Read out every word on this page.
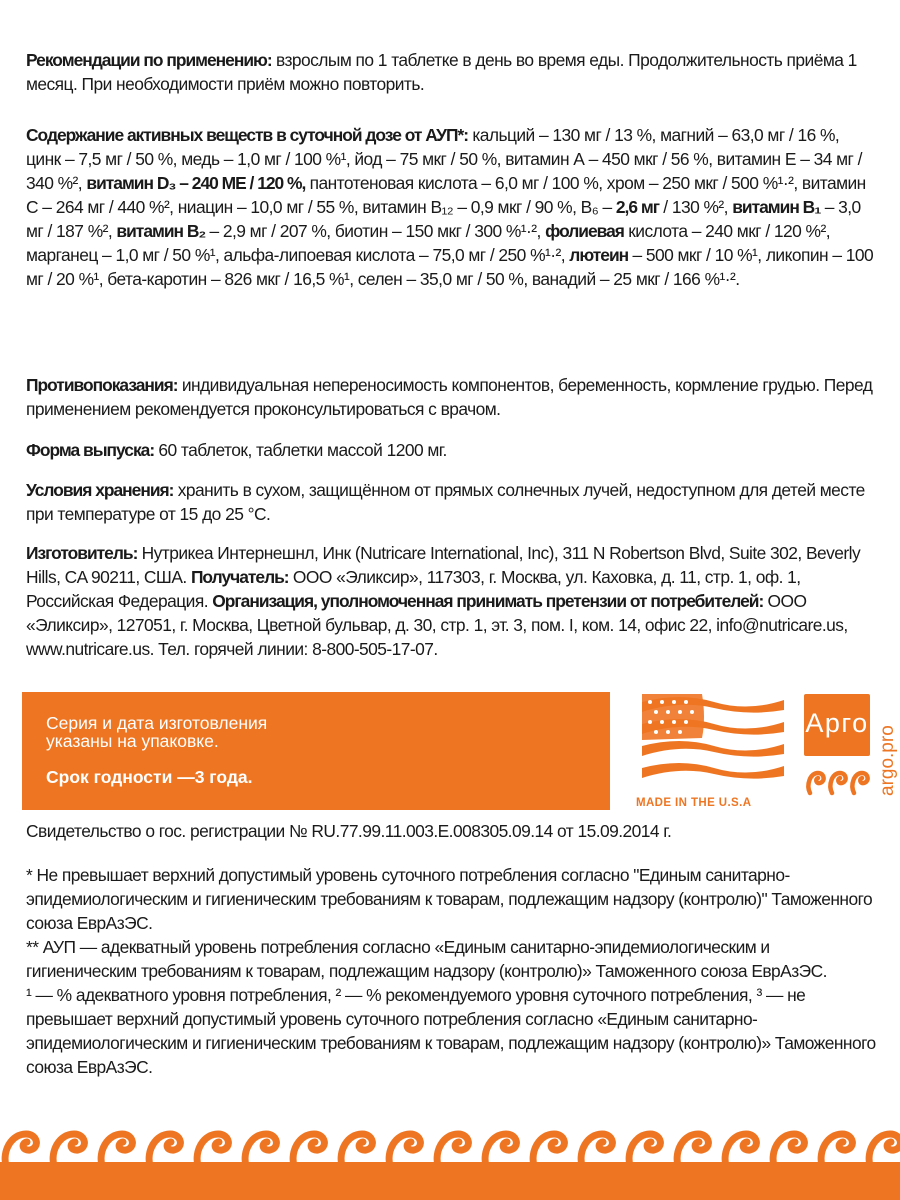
Рекомендации по применению: взрослым по 1 таблетке в день во время еды. Продолжительность приёма 1 месяц. При необходимости приём можно повторить.

Содержание активных веществ в суточной дозе от АУП*: кальций – 130 мг / 13 %, магний – 63,0 мг / 16 %, цинк – 7,5 мг / 50 %, медь – 1,0 мг / 100 %¹, йод – 75 мкг / 50 %, витамин А – 450 мкг / 56 %, витамин Е – 34 мг / 340 %², витамин D₃ – 240 МЕ / 120 %, пантотеновая кислота – 6,0 мг / 100 %, хром – 250 мкг / 500 %¹·², витамин С – 264 мг / 440 %², ниацин – 10,0 мг / 55 %, витамин В₁₂ – 0,9 мкг / 90 %, В₆ – 2,6 мг / 130 %², витамин В₁ – 3,0 мг / 187 %², витамин В₂ – 2,9 мг / 207 %, биотин – 150 мкг / 300 %¹·², фолиевая кислота – 240 мкг / 120 %², марганец – 1,0 мг / 50 %¹, альфа-липоевая кислота – 75,0 мг / 250 %¹·², лютеин – 500 мкг / 10 %¹, ликопин – 100 мг / 20 %¹, бета-каротин – 826 мкг / 16,5 %¹, селен – 35,0 мг / 50 %, ванадий – 25 мкг / 166 %¹·².

Противопоказания: индивидуальная непереносимость компонентов, беременность, кормление грудью. Перед применением рекомендуется проконсультироваться с врачом.

Форма выпуска: 60 таблеток, таблетки массой 1200 мг.

Условия хранения: хранить в сухом, защищённом от прямых солнечных лучей, недоступном для детей месте при температуре от 15 до 25 °С.

Изготовитель: Нутрикеа Интернешнл, Инк (Nutricare International, Inc), 311 N Robertson Blvd, Suite 302, Beverly Hills, CA 90211, США. Получатель: ООО «Эликсир», 117303, г. Москва, ул. Каховка, д. 11, стр. 1, оф. 1, Российская Федерация. Организация, уполномоченная принимать претензии от потребителей: ООО «Эликсир», 127051, г. Москва, Цветной бульвар, д. 30, стр. 1, эт. 3, пом. I, ком. 14, офис 22, info@nutricare.us, www.nutricare.us. Тел. горячей линии: 8-800-505-17-07.

Серия и дата изготовления
указаны на упаковке.
Срок годности —3 года.
MADE IN THE U.S.A
Арго
argo.pro

Свидетельство о гос. регистрации № RU.77.99.11.003.Е.008305.09.14 от 15.09.2014 г.

* Не превышает верхний допустимый уровень суточного потребления согласно "Единым санитарно-эпидемиологическим и гигиеническим требованиям к товарам, подлежащим надзору (контролю)" Таможенного союза ЕврАзЭС.
** АУП — адекватный уровень потребления согласно «Единым санитарно-эпидемиологическим и гигиеническим требованиям к товарам, подлежащим надзору (контролю)» Таможенного союза ЕврАзЭС.
¹ — % адекватного уровня потребления, ² — % рекомендуемого уровня суточного потребления, ³ — не превышает верхний допустимый уровень суточного потребления согласно «Единым санитарно-эпидемиологическим и гигиеническим требованиям к товарам, подлежащим надзору (контролю)» Таможенного союза ЕврАзЭС.
